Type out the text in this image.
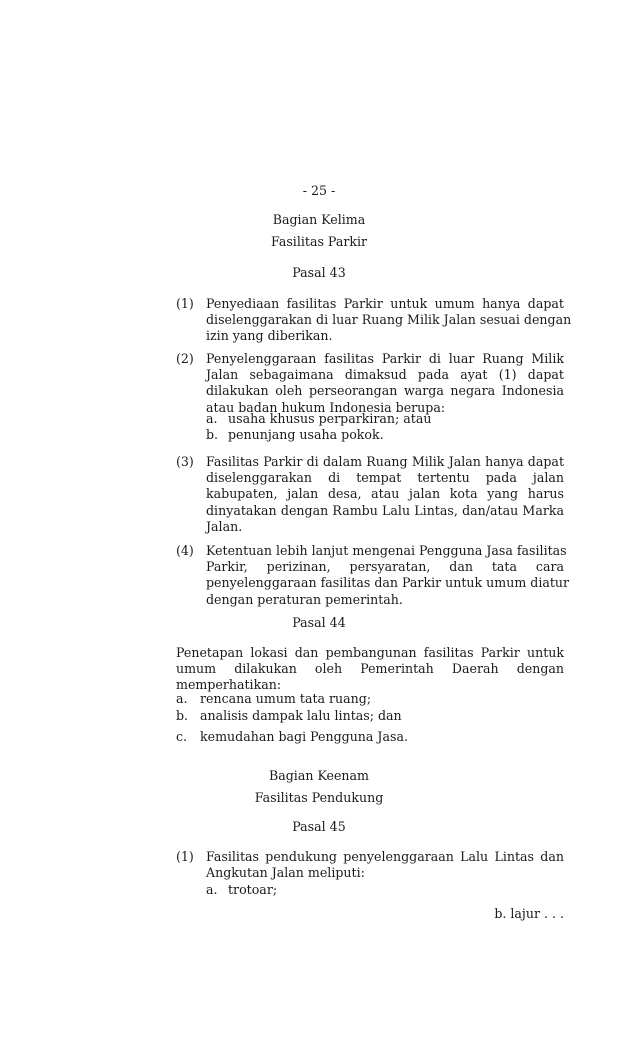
- 25 -
Bagian Kelima
Fasilitas Parkir
Pasal 43
(1) Penyediaan fasilitas Parkir untuk umum hanya dapat
diselenggarakan di luar Ruang Milik Jalan sesuai dengan
izin yang diberikan.
(2) Penyelenggaraan fasilitas Parkir di luar Ruang Milik
Jalan sebagaimana dimaksud pada ayat (1) dapat
dilakukan oleh perseorangan warga negara Indonesia
atau badan hukum Indonesia berupa:
a. usaha khusus perparkiran; atau
b. penunjang usaha pokok.
(3) Fasilitas Parkir di dalam Ruang Milik Jalan hanya dapat
diselenggarakan di tempat tertentu pada jalan
kabupaten, jalan desa, atau jalan kota yang harus
dinyatakan dengan Rambu Lalu Lintas, dan/atau Marka
Jalan.
(4) Ketentuan lebih lanjut mengenai Pengguna Jasa fasilitas
Parkir, perizinan, persyaratan, dan tata cara
penyelenggaraan fasilitas dan Parkir untuk umum diatur
dengan peraturan pemerintah.
Pasal 44
Penetapan lokasi dan pembangunan fasilitas Parkir untuk
umum dilakukan oleh Pemerintah Daerah dengan
memperhatikan:
a. rencana umum tata ruang;
b. analisis dampak lalu lintas; dan
c. kemudahan bagi Pengguna Jasa.
Bagian Keenam
Fasilitas Pendukung
Pasal 45
(1) Fasilitas pendukung penyelenggaraan Lalu Lintas dan
Angkutan Jalan meliputi:
a. trotoar;
b. lajur . . .
